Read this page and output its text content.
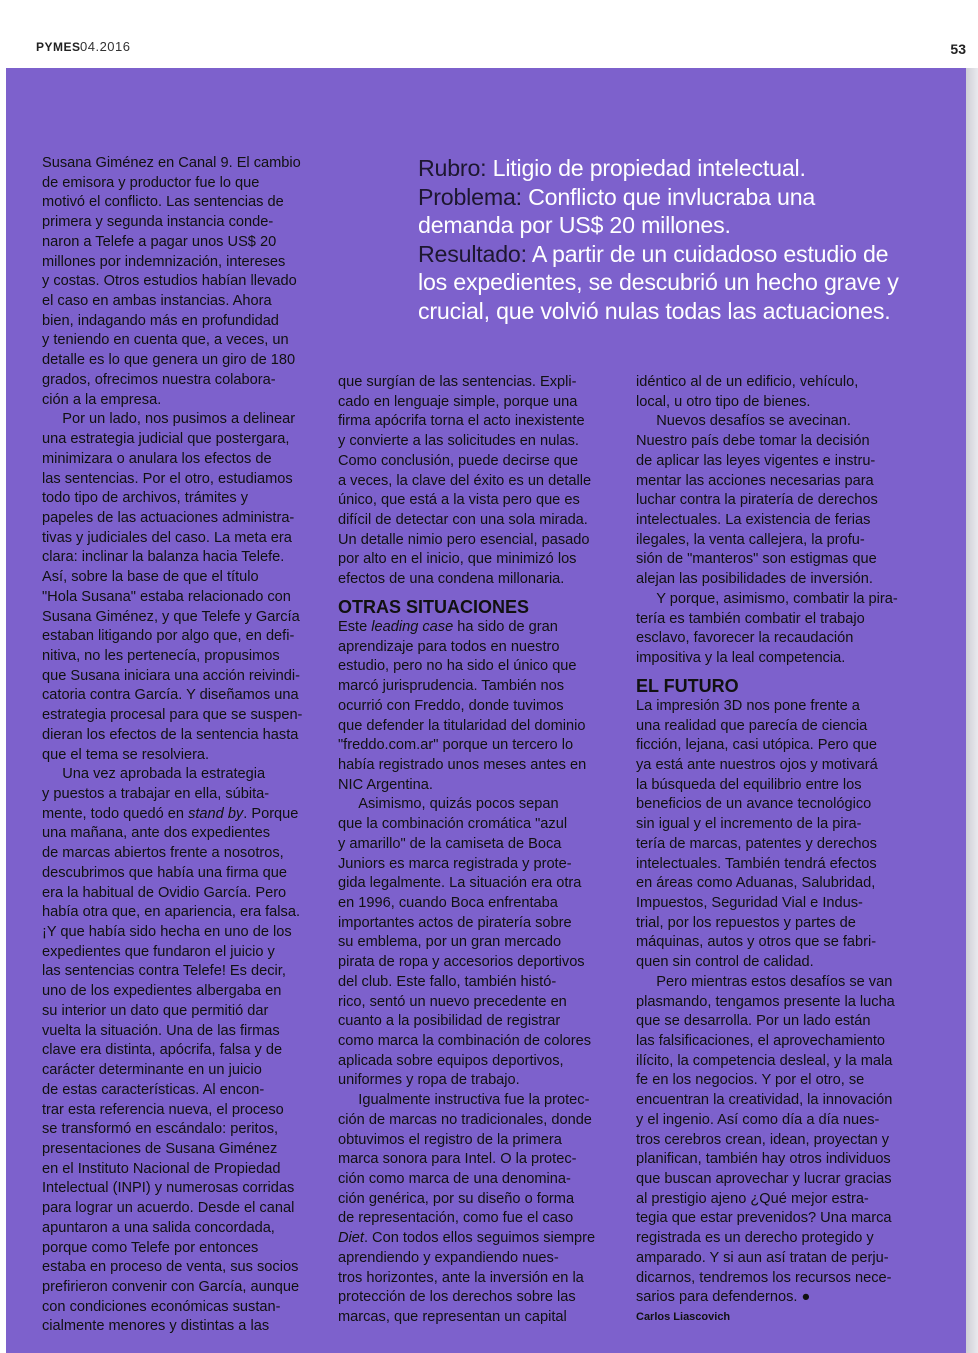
PYMES 04.2016	53
Rubro: Litigio de propiedad intelectual.
Problema: Conflicto que invlucraba una
demanda por US$ 20 millones.
Resultado: A partir de un cuidadoso estudio de
los expedientes, se descubrió un hecho grave y
crucial, que volvió nulas todas las actuaciones.
Susana Giménez en Canal 9. El cambio
de emisora y productor fue lo que
motivó el conflicto. Las sentencias de
primera y segunda instancia conde-
naron a Telefe a pagar unos US$ 20
millones por indemnización, intereses
y costas. Otros estudios habían llevado
el caso en ambas instancias. Ahora
bien, indagando más en profundidad
y teniendo en cuenta que, a veces, un
detalle es lo que genera un giro de 180
grados, ofrecimos nuestra colabora-
ción a la empresa.
Por un lado, nos pusimos a delinear
una estrategia judicial que postergara,
minimizara o anulara los efectos de
las sentencias. Por el otro, estudiamos
todo tipo de archivos, trámites y
papeles de las actuaciones administra-
tivas y judiciales del caso. La meta era
clara: inclinar la balanza hacia Telefe.
Así, sobre la base de que el título
"Hola Susana" estaba relacionado con
Susana Giménez, y que Telefe y García
estaban litigando por algo que, en defi-
nitiva, no les pertenecía, propusimos
que Susana iniciara una acción reivindi-
catoria contra García. Y diseñamos una
estrategia procesal para que se suspen-
dieran los efectos de la sentencia hasta
que el tema se resolviera.
Una vez aprobada la estrategia
y puestos a trabajar en ella, súbita-
mente, todo quedó en stand by. Porque
una mañana, ante dos expedientes
de marcas abiertos frente a nosotros,
descubrimos que había una firma que
era la habitual de Ovidio García. Pero
había otra que, en apariencia, era falsa.
¡Y que había sido hecha en uno de los
expedientes que fundaron el juicio y
las sentencias contra Telefe! Es decir,
uno de los expedientes albergaba en
su interior un dato que permitió dar
vuelta la situación. Una de las firmas
clave era distinta, apócrifa, falsa y de
carácter determinante en un juicio
de estas características. Al encon-
trar esta referencia nueva, el proceso
se transformó en escándalo: peritos,
presentaciones de Susana Giménez
en el Instituto Nacional de Propiedad
Intelectual (INPI) y numerosas corridas
para lograr un acuerdo. Desde el canal
apuntaron a una salida concordada,
porque como Telefe por entonces
estaba en proceso de venta, sus socios
prefirieron convenir con García, aunque
con condiciones económicas sustan-
cialmente menores y distintas a las
que surgían de las sentencias. Expli-
cado en lenguaje simple, porque una
firma apócrifa torna el acto inexistente
y convierte a las solicitudes en nulas.
Como conclusión, puede decirse que
a veces, la clave del éxito es un detalle
único, que está a la vista pero que es
difícil de detectar con una sola mirada.
Un detalle nimio pero esencial, pasado
por alto en el inicio, que minimizó los
efectos de una condena millonaria.
OTRAS SITUACIONES
Este leading case ha sido de gran
aprendizaje para todos en nuestro
estudio, pero no ha sido el único que
marcó jurisprudencia. También nos
ocurrió con Freddo, donde tuvimos
que defender la titularidad del dominio
"freddo.com.ar" porque un tercero lo
había registrado unos meses antes en
NIC Argentina.
Asimismo, quizás pocos sepan
que la combinación cromática "azul
y amarillo" de la camiseta de Boca
Juniors es marca registrada y prote-
gida legalmente. La situación era otra
en 1996, cuando Boca enfrentaba
importantes actos de piratería sobre
su emblema, por un gran mercado
pirata de ropa y accesorios deportivos
del club. Este fallo, también histó-
rico, sentó un nuevo precedente en
cuanto a la posibilidad de registrar
como marca la combinación de colores
aplicada sobre equipos deportivos,
uniformes y ropa de trabajo.
Igualmente instructiva fue la protec-
ción de marcas no tradicionales, donde
obtuvimos el registro de la primera
marca sonora para Intel. O la protec-
ción como marca de una denomina-
ción genérica, por su diseño o forma
de representación, como fue el caso
Diet. Con todos ellos seguimos siempre
aprendiendo y expandiendo nues-
tros horizontes, ante la inversión en la
protección de los derechos sobre las
marcas, que representan un capital
idéntico al de un edificio, vehículo,
local, u otro tipo de bienes.
Nuevos desafíos se avecinan.
Nuestro país debe tomar la decisión
de aplicar las leyes vigentes e instru-
mentar las acciones necesarias para
luchar contra la piratería de derechos
intelectuales. La existencia de ferias
ilegales, la venta callejera, la profu-
sión de "manteros" son estigmas que
alejan las posibilidades de inversión.
Y porque, asimismo, combatir la pira-
tería es también combatir el trabajo
esclavo, favorecer la recaudación
impositiva y la leal competencia.
EL FUTURO
La impresión 3D nos pone frente a
una realidad que parecía de ciencia
ficción, lejana, casi utópica. Pero que
ya está ante nuestros ojos y motivará
la búsqueda del equilibrio entre los
beneficios de un avance tecnológico
sin igual y el incremento de la pira-
tería de marcas, patentes y derechos
intelectuales. También tendrá efectos
en áreas como Aduanas, Salubridad,
Impuestos, Seguridad Vial e Indus-
trial, por los repuestos y partes de
máquinas, autos y otros que se fabri-
quen sin control de calidad.
Pero mientras estos desafíos se van
plasmando, tengamos presente la lucha
que se desarrolla. Por un lado están
las falsificaciones, el aprovechamiento
ilícito, la competencia desleal, y la mala
fe en los negocios. Y por el otro, se
encuentran la creatividad, la innovación
y el ingenio. Así como día a día nues-
tros cerebros crean, idean, proyectan y
planifican, también hay otros individuos
que buscan aprovechar y lucrar gracias
al prestigio ajeno ¿Qué mejor estra-
tegia que estar prevenidos? Una marca
registrada es un derecho protegido y
amparado. Y si aun así tratan de perju-
dicarnos, tendremos los recursos nece-
sarios para defendernos. ●
Carlos Liascovich
